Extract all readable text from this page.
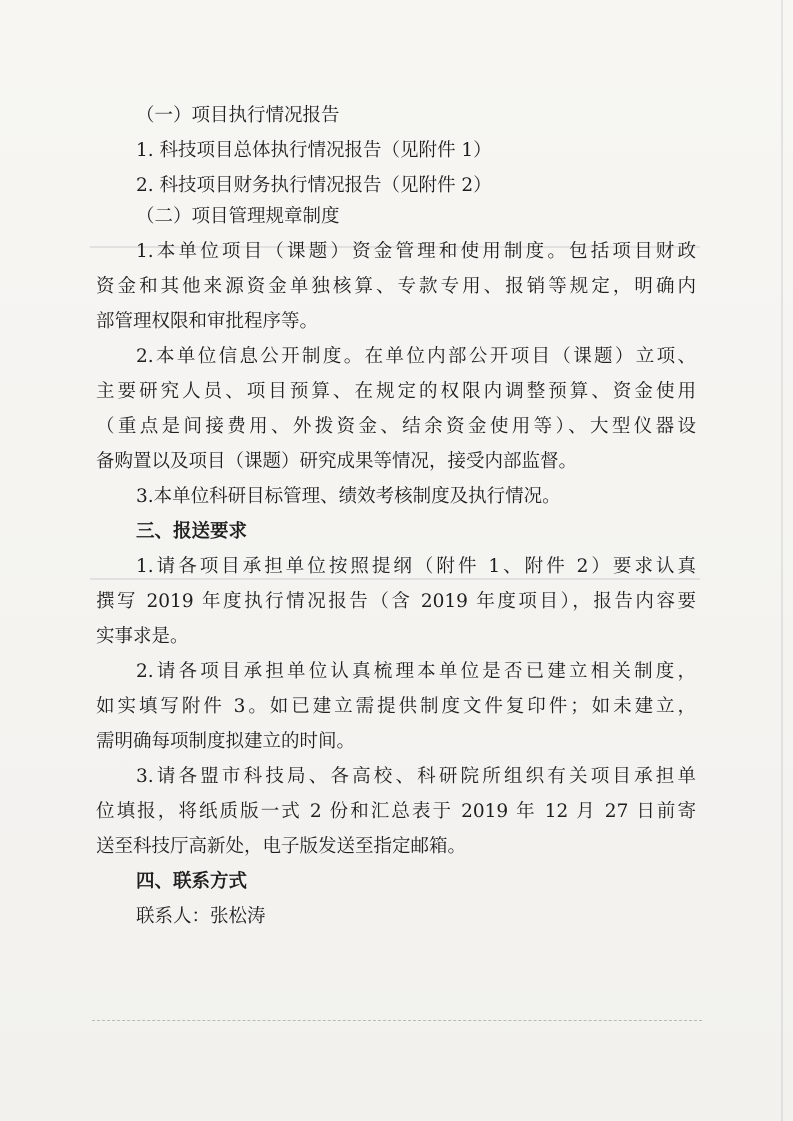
（一）项目执行情况报告
1. 科技项目总体执行情况报告（见附件 1）
2. 科技项目财务执行情况报告（见附件 2）
（二）项目管理规章制度
1.本单位项目（课题）资金管理和使用制度。包括项目财政
资金和其他来源资金单独核算、专款专用、报销等规定，明确内
部管理权限和审批程序等。
2.本单位信息公开制度。在单位内部公开项目（课题）立项、
主要研究人员、项目预算、在规定的权限内调整预算、资金使用
（重点是间接费用、外拨资金、结余资金使用等）、大型仪器设
备购置以及项目（课题）研究成果等情况，接受内部监督。
3.本单位科研目标管理、绩效考核制度及执行情况。
三、报送要求
1.请各项目承担单位按照提纲（附件 1、附件 2）要求认真
撰写 2019 年度执行情况报告（含 2019 年度项目），报告内容要
实事求是。
2.请各项目承担单位认真梳理本单位是否已建立相关制度，
如实填写附件 3。如已建立需提供制度文件复印件；如未建立，
需明确每项制度拟建立的时间。
3.请各盟市科技局、各高校、科研院所组织有关项目承担单
位填报，将纸质版一式 2 份和汇总表于 2019 年 12 月 27 日前寄
送至科技厅高新处，电子版发送至指定邮箱。
四、联系方式
联系人：张松涛
